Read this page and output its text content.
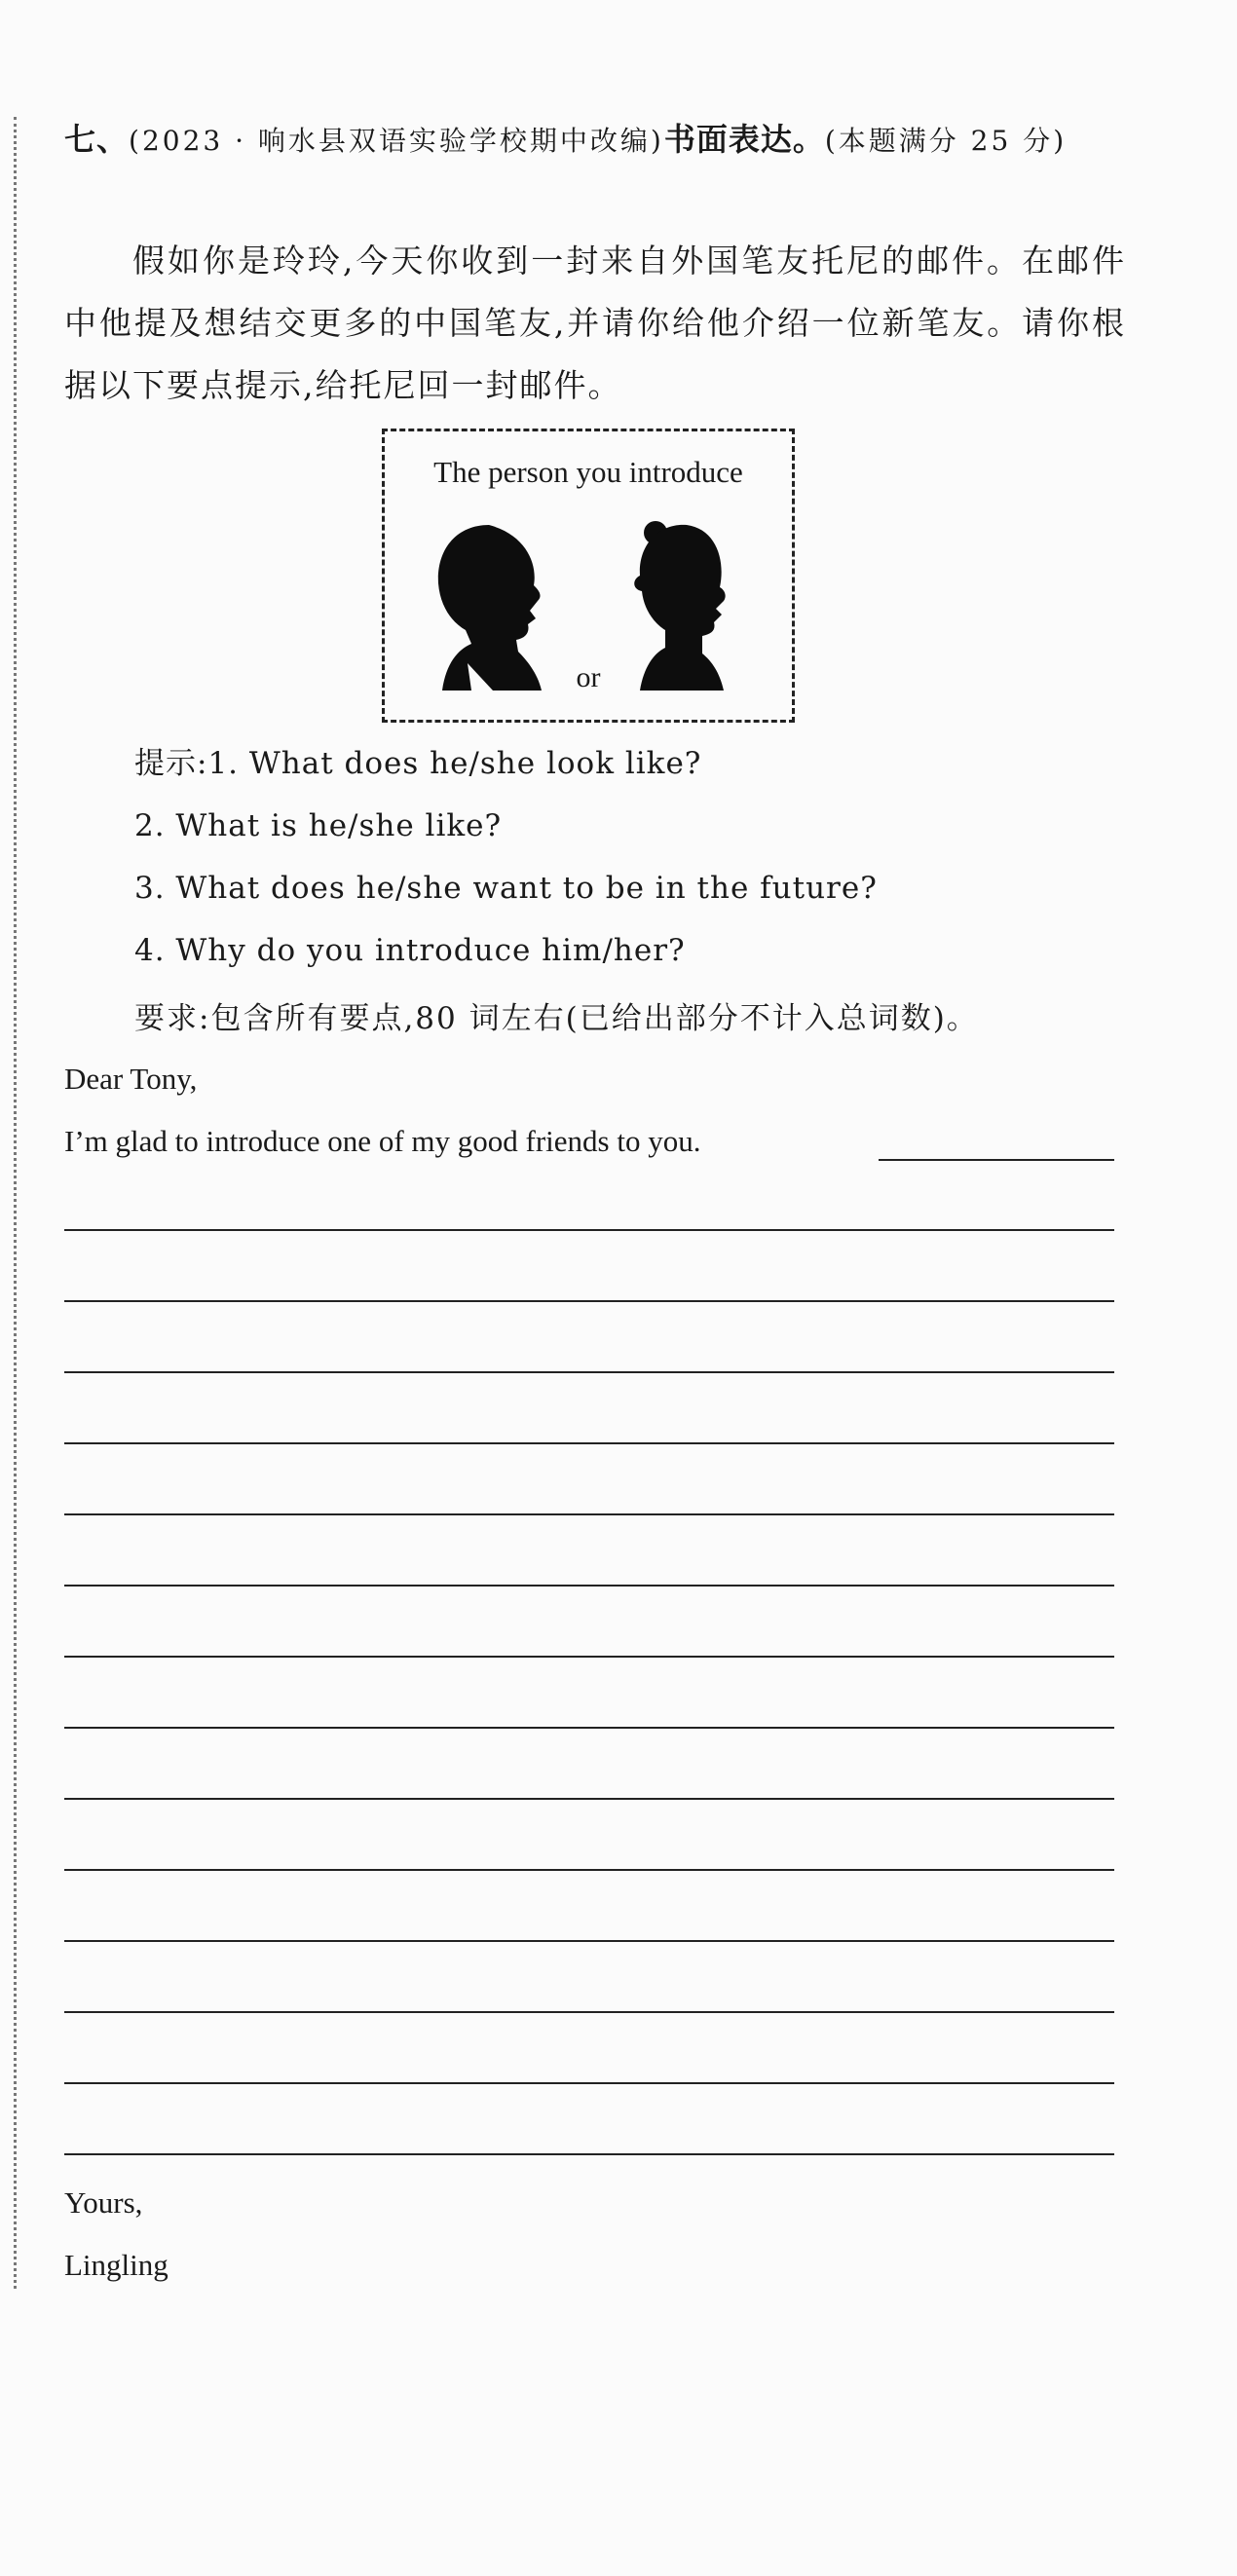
七、(2023 · 响水县双语实验学校期中改编)书面表达。(本题满分 25 分)
假如你是玲玲,今天你收到一封来自外国笔友托尼的邮件。在邮件中他提及想结交更多的中国笔友,并请你给他介绍一位新笔友。请你根据以下要点提示,给托尼回一封邮件。
The person you introduce
or
提示:1. What does he/she look like?
2. What is he/she like?
3. What does he/she want to be in the future?
4. Why do you introduce him/her?
要求:包含所有要点,80 词左右(已给出部分不计入总词数)。
Dear Tony,
I’m glad to introduce one of my good friends to you.
Yours,
Lingling
